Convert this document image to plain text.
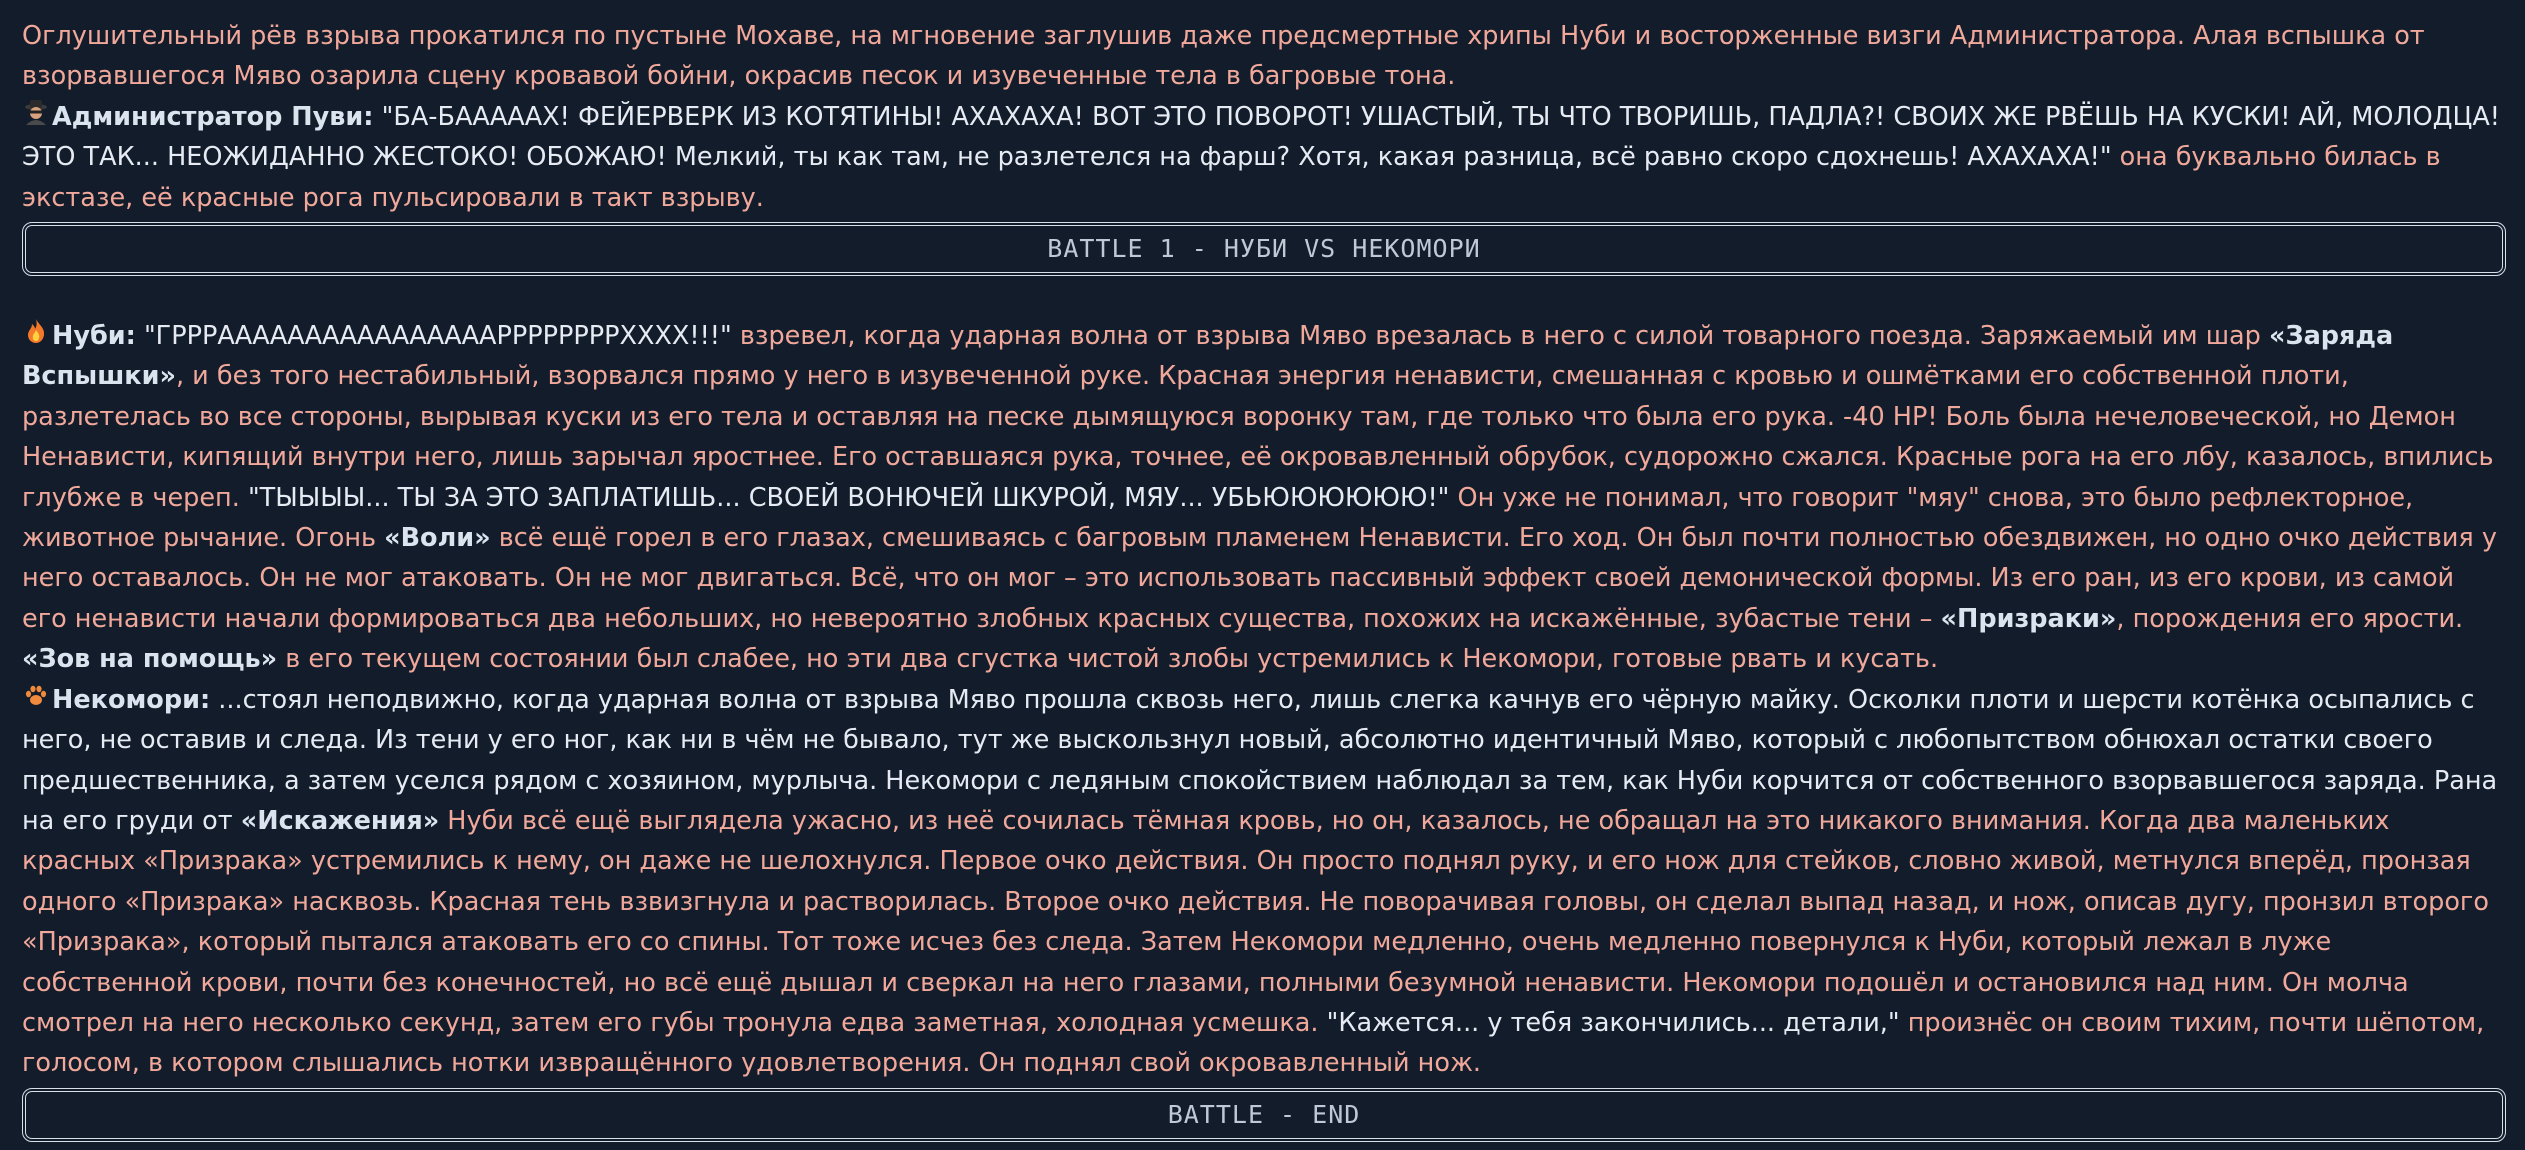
Оглушительный рёв взрыва прокатился по пустыне Мохаве, на мгновение заглушив даже предсмертные хрипы Нуби и восторженные визги Администратора. Алая вспышка от взорвавшегося Мяво озарила сцену кровавой бойни, окрасив песок и изувеченные тела в багровые тона.

Администратор Пуви: "БА-БАААААХ! ФЕЙЕРВЕРК ИЗ КОТЯТИНЫ! АХАХАХА! ВОТ ЭТО ПОВОРОТ! УШАСТЫЙ, ТЫ ЧТО ТВОРИШЬ, ПАДЛА?! СВОИХ ЖЕ РВЁШЬ НА КУСКИ! АЙ, МОЛОДЦА! ЭТО ТАК... НЕОЖИДАННО ЖЕСТОКО! ОБОЖАЮ! Мелкий, ты как там, не разлетелся на фарш? Хотя, какая разница, всё равно скоро сдохнешь! АХАХАХА!" она буквально билась в экстазе, её красные рога пульсировали в такт взрыву.

BATTLE 1 - НУБИ VS НЕКОМОРИ

Нуби: "ГРРРААААААААААААААААРРРРРРРРХХХХ!!!" взревел, когда ударная волна от взрыва Мяво врезалась в него с силой товарного поезда. Заряжаемый им шар «Заряда Вспышки», и без того нестабильный, взорвался прямо у него в изувеченной руке. Красная энергия ненависти, смешанная с кровью и ошмётками его собственной плоти, разлетелась во все стороны, вырывая куски из его тела и оставляя на песке дымящуюся воронку там, где только что была его рука. -40 HP! Боль была нечеловеческой, но Демон Ненависти, кипящий внутри него, лишь зарычал яростнее. Его оставшаяся рука, точнее, её окровавленный обрубок, судорожно сжался. Красные рога на его лбу, казалось, впились глубже в череп. "ТЫЫЫЫ... ТЫ ЗА ЭТО ЗАПЛАТИШЬ... СВОЕЙ ВОНЮЧЕЙ ШКУРОЙ, МЯУ... УБЬЮЮЮЮЮЮ!" Он уже не понимал, что говорит "мяу" снова, это было рефлекторное, животное рычание. Огонь «Воли» всё ещё горел в его глазах, смешиваясь с багровым пламенем Ненависти. Его ход. Он был почти полностью обездвижен, но одно очко действия у него оставалось. Он не мог атаковать. Он не мог двигаться. Всё, что он мог – это использовать пассивный эффект своей демонической формы. Из его ран, из его крови, из самой его ненависти начали формироваться два небольших, но невероятно злобных красных существа, похожих на искажённые, зубастые тени – «Призраки», порождения его ярости. «Зов на помощь» в его текущем состоянии был слабее, но эти два сгустка чистой злобы устремились к Некомори, готовые рвать и кусать.

Некомори: ...стоял неподвижно, когда ударная волна от взрыва Мяво прошла сквозь него, лишь слегка качнув его чёрную майку. Осколки плоти и шерсти котёнка осыпались с него, не оставив и следа. Из тени у его ног, как ни в чём не бывало, тут же выскользнул новый, абсолютно идентичный Мяво, который с любопытством обнюхал остатки своего предшественника, а затем уселся рядом с хозяином, мурлыча. Некомори с ледяным спокойствием наблюдал за тем, как Нуби корчится от собственного взорвавшегося заряда. Рана на его груди от «Искажения» Нуби всё ещё выглядела ужасно, из неё сочилась тёмная кровь, но он, казалось, не обращал на это никакого внимания. Когда два маленьких красных «Призрака» устремились к нему, он даже не шелохнулся. Первое очко действия. Он просто поднял руку, и его нож для стейков, словно живой, метнулся вперёд, пронзая одного «Призрака» насквозь. Красная тень взвизгнула и растворилась. Второе очко действия. Не поворачивая головы, он сделал выпад назад, и нож, описав дугу, пронзил второго «Призрака», который пытался атаковать его со спины. Тот тоже исчез без следа. Затем Некомори медленно, очень медленно повернулся к Нуби, который лежал в луже собственной крови, почти без конечностей, но всё ещё дышал и сверкал на него глазами, полными безумной ненависти. Некомори подошёл и остановился над ним. Он молча смотрел на него несколько секунд, затем его губы тронула едва заметная, холодная усмешка. "Кажется... у тебя закончились... детали," произнёс он своим тихим, почти шёпотом, голосом, в котором слышались нотки извращённого удовлетворения. Он поднял свой окровавленный нож.

BATTLE - END
